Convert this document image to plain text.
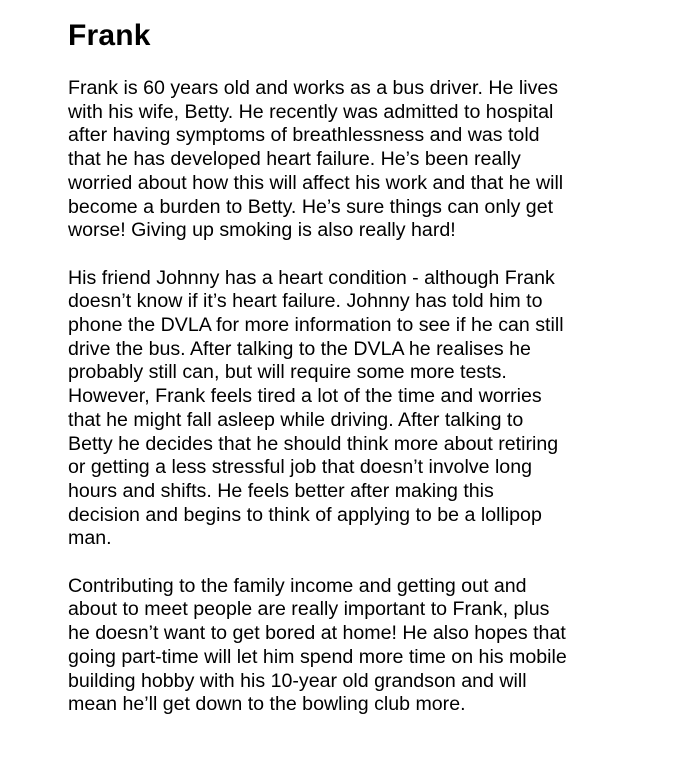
Frank

Frank is 60 years old and works as a bus driver. He lives
with his wife, Betty. He recently was admitted to hospital
after having symptoms of breathlessness and was told
that he has developed heart failure. He’s been really
worried about how this will affect his work and that he will
become a burden to Betty. He’s sure things can only get
worse! Giving up smoking is also really hard!

His friend Johnny has a heart condition - although Frank
doesn’t know if it’s heart failure. Johnny has told him to
phone the DVLA for more information to see if he can still
drive the bus. After talking to the DVLA he realises he
probably still can, but will require some more tests.
However, Frank feels tired a lot of the time and worries
that he might fall asleep while driving. After talking to
Betty he decides that he should think more about retiring
or getting a less stressful job that doesn’t involve long
hours and shifts. He feels better after making this
decision and begins to think of applying to be a lollipop
man.

Contributing to the family income and getting out and
about to meet people are really important to Frank, plus
he doesn’t want to get bored at home! He also hopes that
going part-time will let him spend more time on his mobile
building hobby with his 10-year old grandson and will
mean he’ll get down to the bowling club more.
